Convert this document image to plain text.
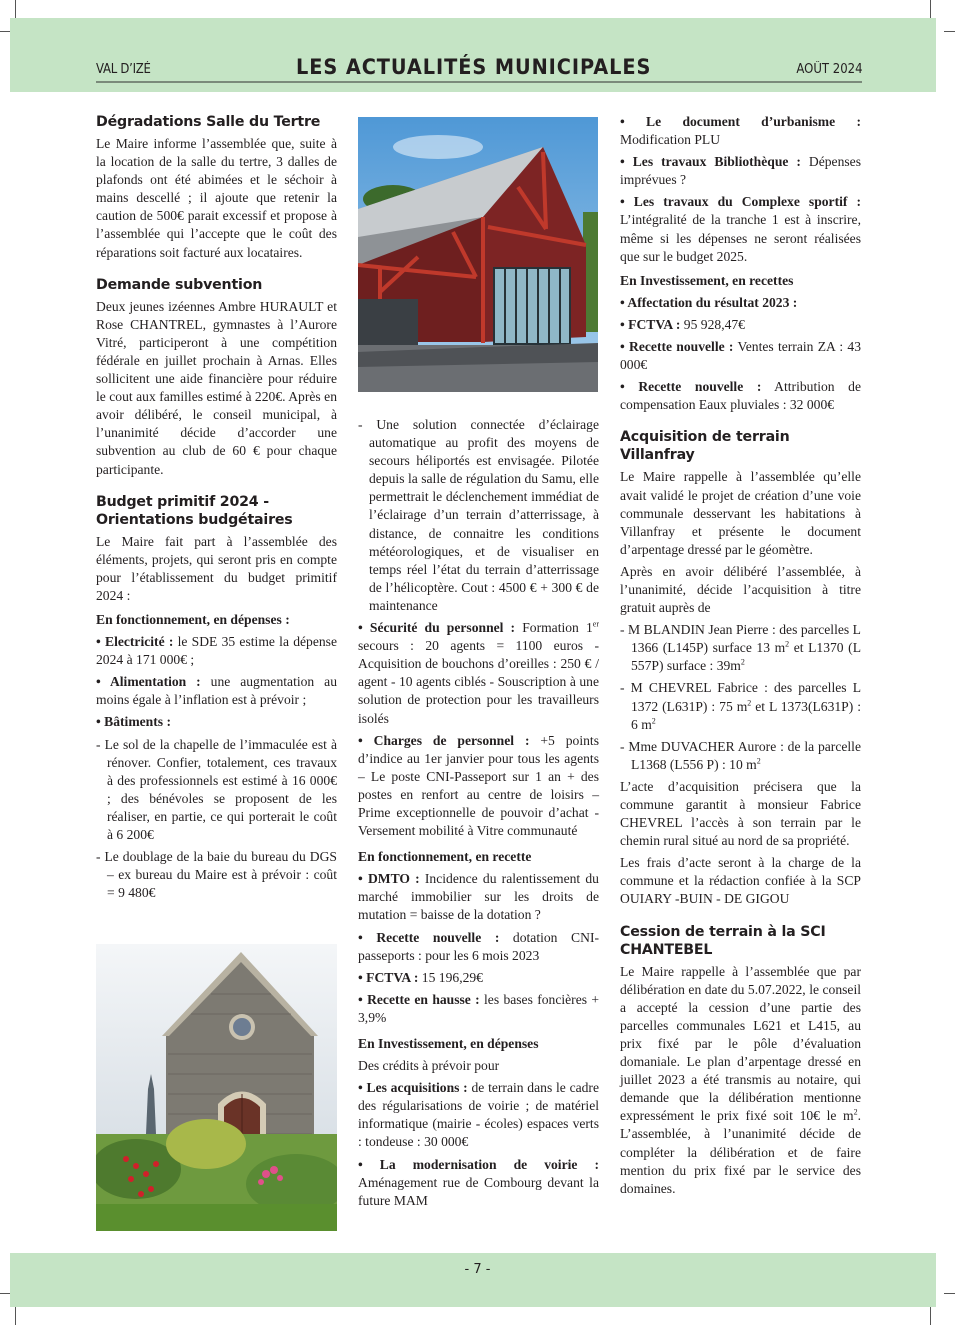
VAL D’IZÉ	LES ACTUALITÉS MUNICIPALES	AOÛT 2024
- 7 -
Dégradations Salle du Tertre

Le Maire informe l’assemblée que, suite à la location de la salle du tertre, 3 dalles de plafonds ont été abimées et le séchoir à mains descellé ; il ajoute que retenir la caution de 500€ parait excessif et propose à l’assemblée qui l’accepte que le coût des réparations soit facturé aux locataires.

Demande subvention

Deux jeunes izéennes Ambre HURAULT et Rose CHANTREL, gymnastes à l’Aurore Vitré, participeront à une compétition fédérale en juillet prochain à Arnas. Elles sollicitent une aide financière pour réduire le cout aux familles estimé à 220€. Après en avoir délibéré, le conseil municipal, à l’unanimité décide d’accorder une subvention au club de 60 € pour chaque participante.

Budget primitif 2024 - Orientations budgétaires

Le Maire fait part à l’assemblée des éléments, projets, qui seront pris en compte pour l’établissement du budget primitif 2024 :

En fonctionnement, en dépenses :

• Electricité : le SDE 35 estime la dépense 2024 à 171 000€ ;

• Alimentation : une augmentation au moins égale à l’inflation est à prévoir ;

• Bâtiments :

- Le sol de la chapelle de l’immaculée est à rénover. Confier, totalement, ces travaux à des professionnels est estimé à 16 000€ ; des bénévoles se proposent de les réaliser, en partie, ce qui porterait le coût à 6 200€

- Le doublage de la baie du bureau du DGS – ex bureau du Maire est à prévoir : coût = 9 480€

- Une solution connectée d’éclairage automatique au profit des moyens de secours héliportés est envisagée. Pilotée depuis la salle de régulation du Samu, elle permettrait le déclenchement immédiat de l’éclairage d’un terrain d’atterrissage, à distance, de connaitre les conditions météorologiques, et de visualiser en temps réel l’état du terrain d’atterrissage de l’hélicoptère. Cout : 4500 € + 300 € de maintenance

• Sécurité du personnel : Formation 1er secours : 20 agents = 1100 euros - Acquisition de bouchons d’oreilles : 250 € / agent - 10 agents ciblés - Souscription à une solution de protection pour les travailleurs isolés

• Charges de personnel : +5 points d’indice au 1er janvier pour tous les agents – Le poste CNI-Passeport sur 1 an + des postes en renfort au centre de loisirs – Prime exceptionnelle de pouvoir d’achat - Versement mobilité à Vitre communauté

En fonctionnement, en recette

• DMTO : Incidence du ralentissement du marché immobilier sur les droits de mutation = baisse de la dotation ?

• Recette nouvelle : dotation CNI-passeports : pour les 6 mois 2023

• FCTVA : 15 196,29€

• Recette en hausse : les bases foncières + 3,9%

En Investissement, en dépenses

Des crédits à prévoir pour

• Les acquisitions : de terrain dans le cadre des régularisations de voirie ; de matériel informatique (mairie - écoles) espaces verts : tondeuse : 30 000€

• La modernisation de voirie : Aménagement rue de Combourg devant la future MAM

• Le document d’urbanisme : Modification PLU

• Les travaux Bibliothèque : Dépenses imprévues ?

• Les travaux du Complexe sportif : L’intégralité de la tranche 1 est à inscrire, même si les dépenses ne seront réalisées que sur le budget 2025.

En Investissement, en recettes

• Affectation du résultat 2023 :

• FCTVA : 95 928,47€

• Recette nouvelle : Ventes terrain ZA : 43 000€

• Recette nouvelle : Attribution de compensation Eaux pluviales : 32 000€

Acquisition de terrain Villanfray

Le Maire rappelle à l’assemblée qu’elle avait validé le projet de création d’une voie communale desservant les habitations à Villanfray et présente le document d’arpentage dressé par le géomètre.

Après en avoir délibéré l’assemblée, à l’unanimité, décide l’acquisition à titre gratuit auprès de

- M BLANDIN Jean Pierre : des parcelles L 1366 (L145P) surface 13 $m^2$ et L1370 (L 557P) surface : $39m^2$

- M CHEVREL Fabrice : des parcelles L 1372 (L631P) : 75 $m^2$ et L 1373(L631P) : 6 $m^2$

- Mme DUVACHER Aurore : de la parcelle L1368 (L556 P) : 10 $m^2$

L’acte d’acquisition précisera que la commune garantit à monsieur Fabrice CHEVREL l’accès à son terrain par le chemin rural situé au nord de sa propriété.

Les frais d’acte seront à la charge de la commune et la rédaction confiée à la SCP OUIARY -BUIN - DE GIGOU

Cession de terrain à la SCI CHANTEBEL

Le Maire rappelle à l’assemblée que par délibération en date du 5.07.2022, le conseil a accepté la cession d’une partie des parcelles communales L621 et L415, au prix fixé par le pôle d’évaluation domaniale. Le plan d’arpentage dressé en juillet 2023 a été transmis au notaire, qui demande que la délibération mentionne expressément le prix fixé soit 10€ le $m^2$. L’assemblée, à l’unanimité décide de compléter la délibération et de faire mention du prix fixé par le service des domaines.
